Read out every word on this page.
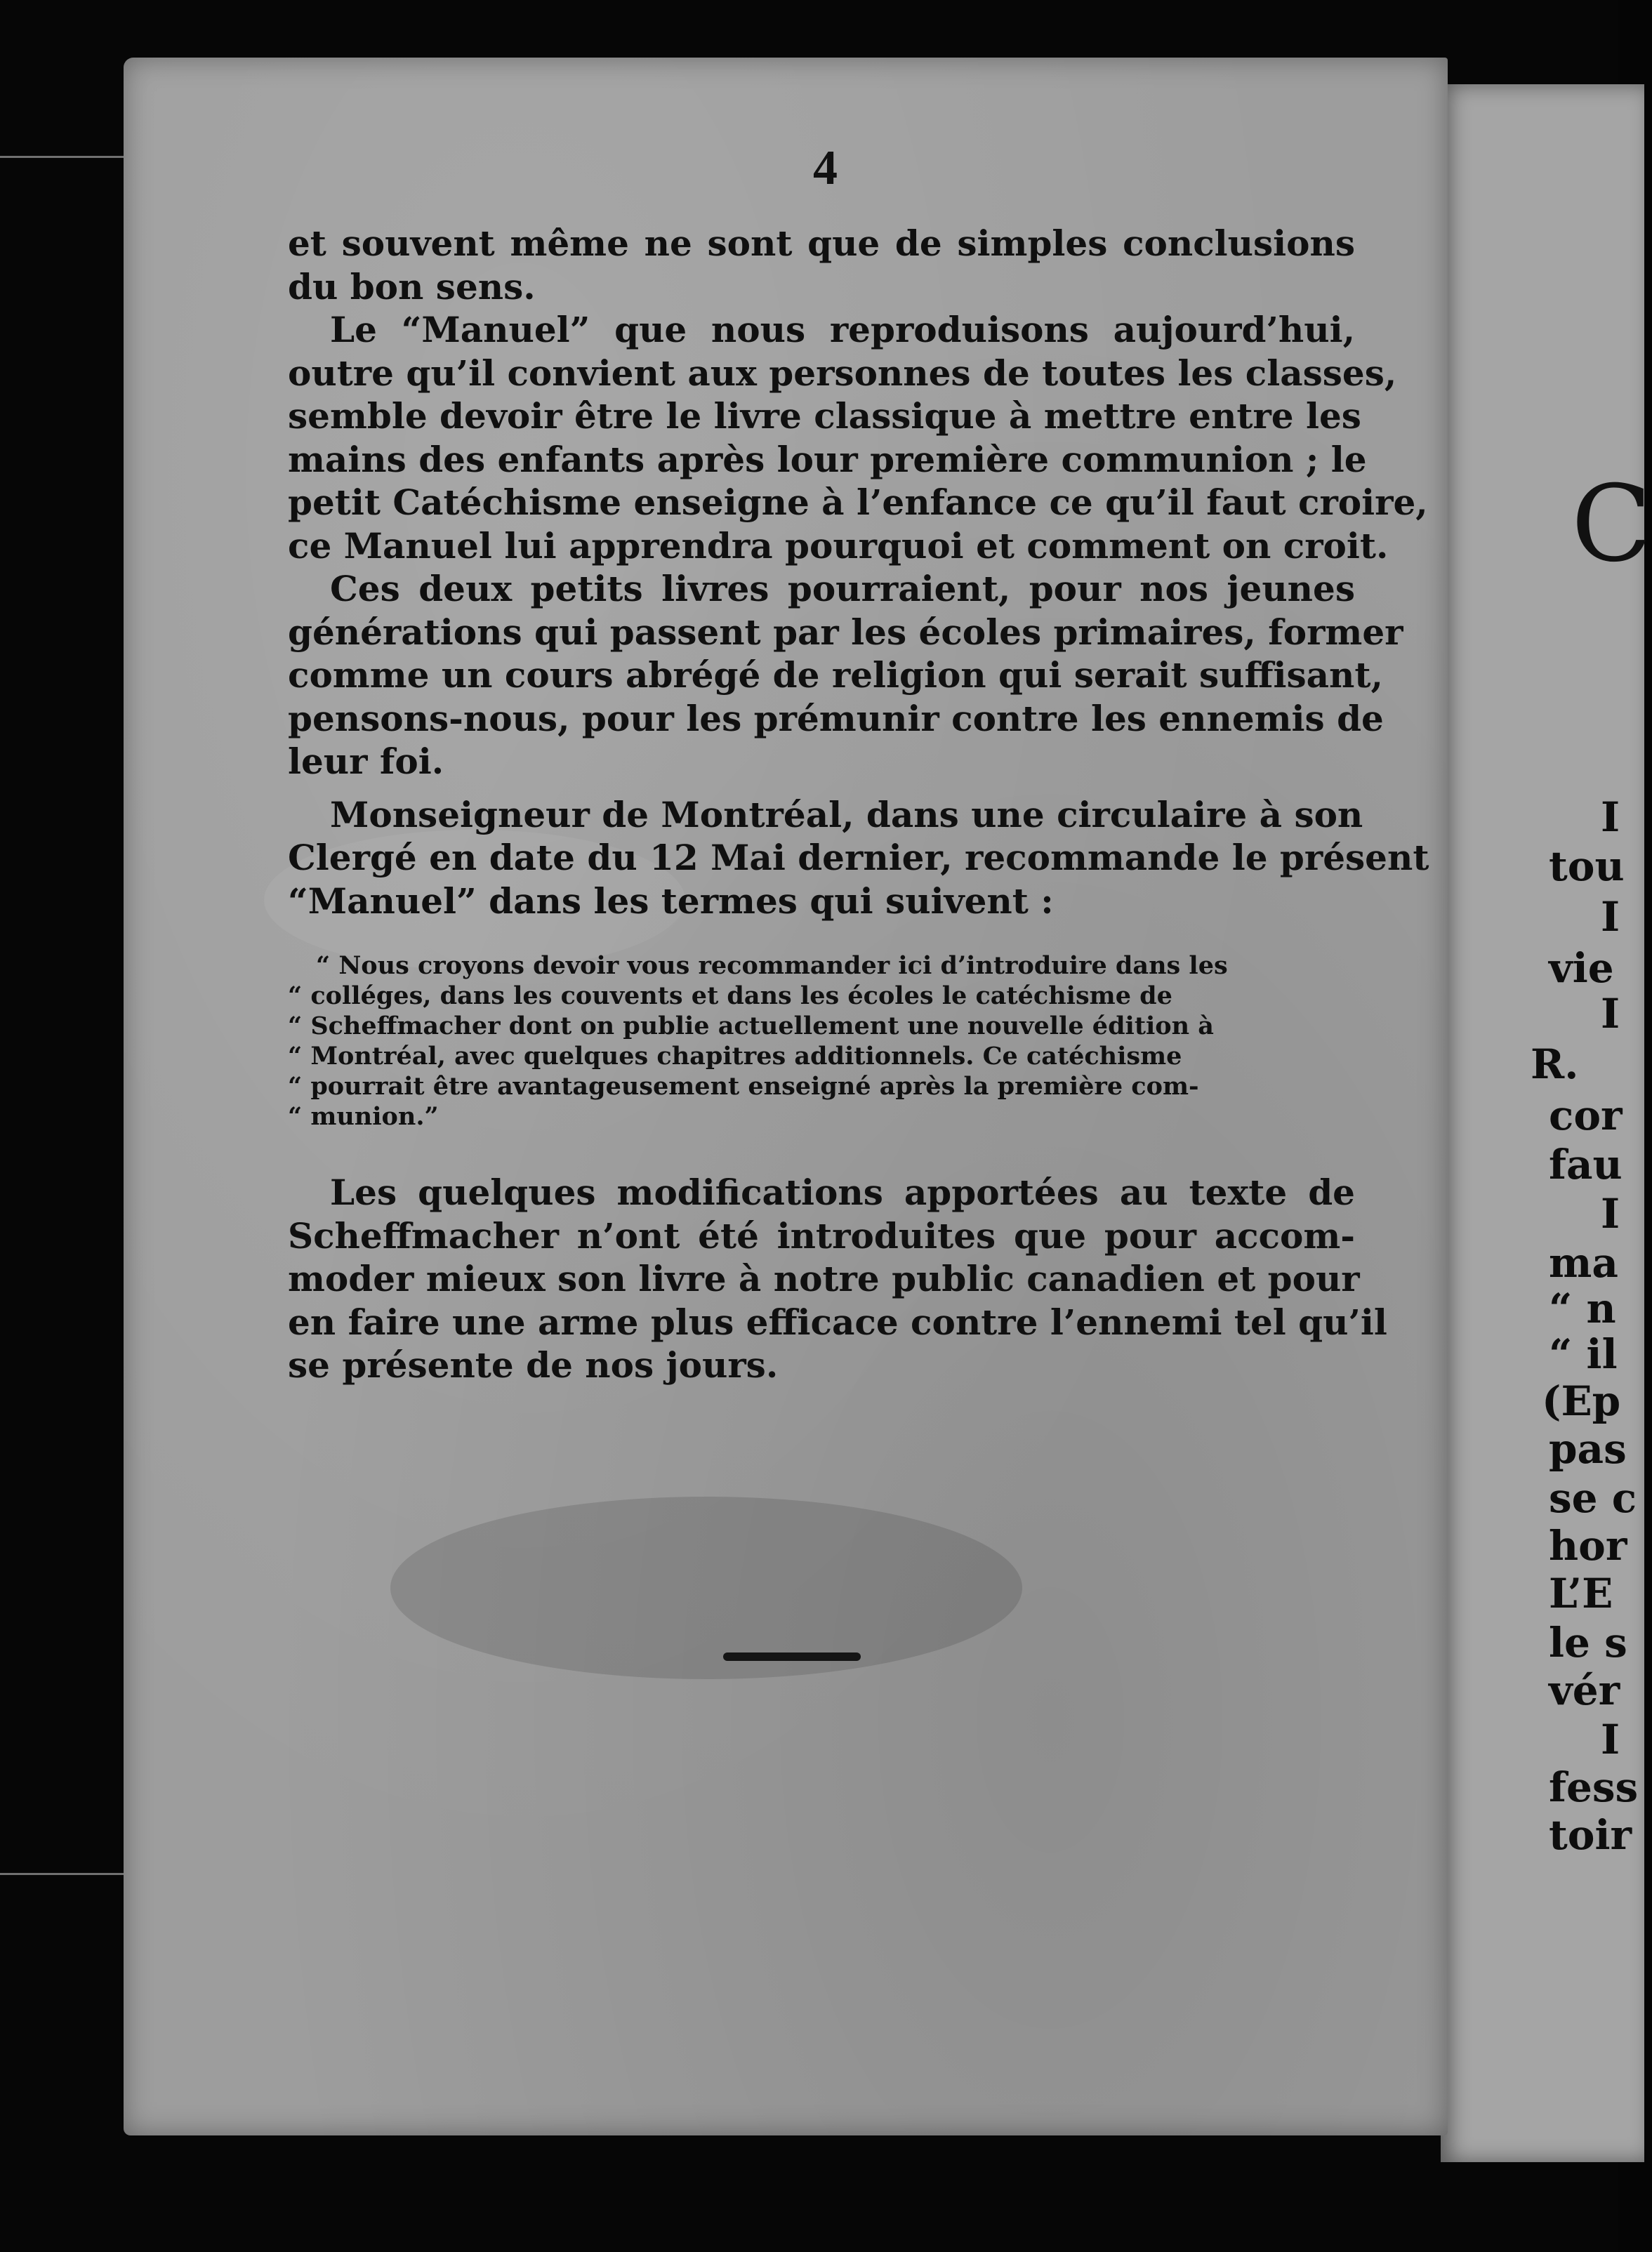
4

et souvent même ne sont que de simples conclusions
du bon sens.

Le “Manuel” que nous reproduisons aujourd’hui,
outre qu’il convient aux personnes de toutes les classes,
semble devoir être le livre classique à mettre entre les
mains des enfants après lour première communion ; le
petit Catéchisme enseigne à l’enfance ce qu’il faut croire,
ce Manuel lui apprendra pourquoi et comment on croit.

Ces deux petits livres pourraient, pour nos jeunes
générations qui passent par les écoles primaires, former
comme un cours abrégé de religion qui serait suffisant,
pensons-nous, pour les prémunir contre les ennemis de
leur foi.

Monseigneur de Montréal, dans une circulaire à son
Clergé en date du 12 Mai dernier, recommande le présent
“Manuel” dans les termes qui suivent :

“ Nous croyons devoir vous recommander ici d’introduire dans les
“ colléges, dans les couvents et dans les écoles le catéchisme de
“ Scheffmacher dont on publie actuellement une nouvelle édition à
“ Montréal, avec quelques chapitres additionnels. Ce catéchisme
“ pourrait être avantageusement enseigné après la première com-
“ munion.”

Les quelques modifications apportées au texte de
Scheffmacher n’ont été introduites que pour accom-
moder mieux son livre à notre public canadien et pour
en faire une arme plus efficace contre l’ennemi tel qu’il
se présente de nos jours.

C
I
tou
I
vie
I
R.
cor
fau
I
ma
“ n
“ il
(Ep
pas
se c
hor
L’E
le s
vér
I
fess
toir
